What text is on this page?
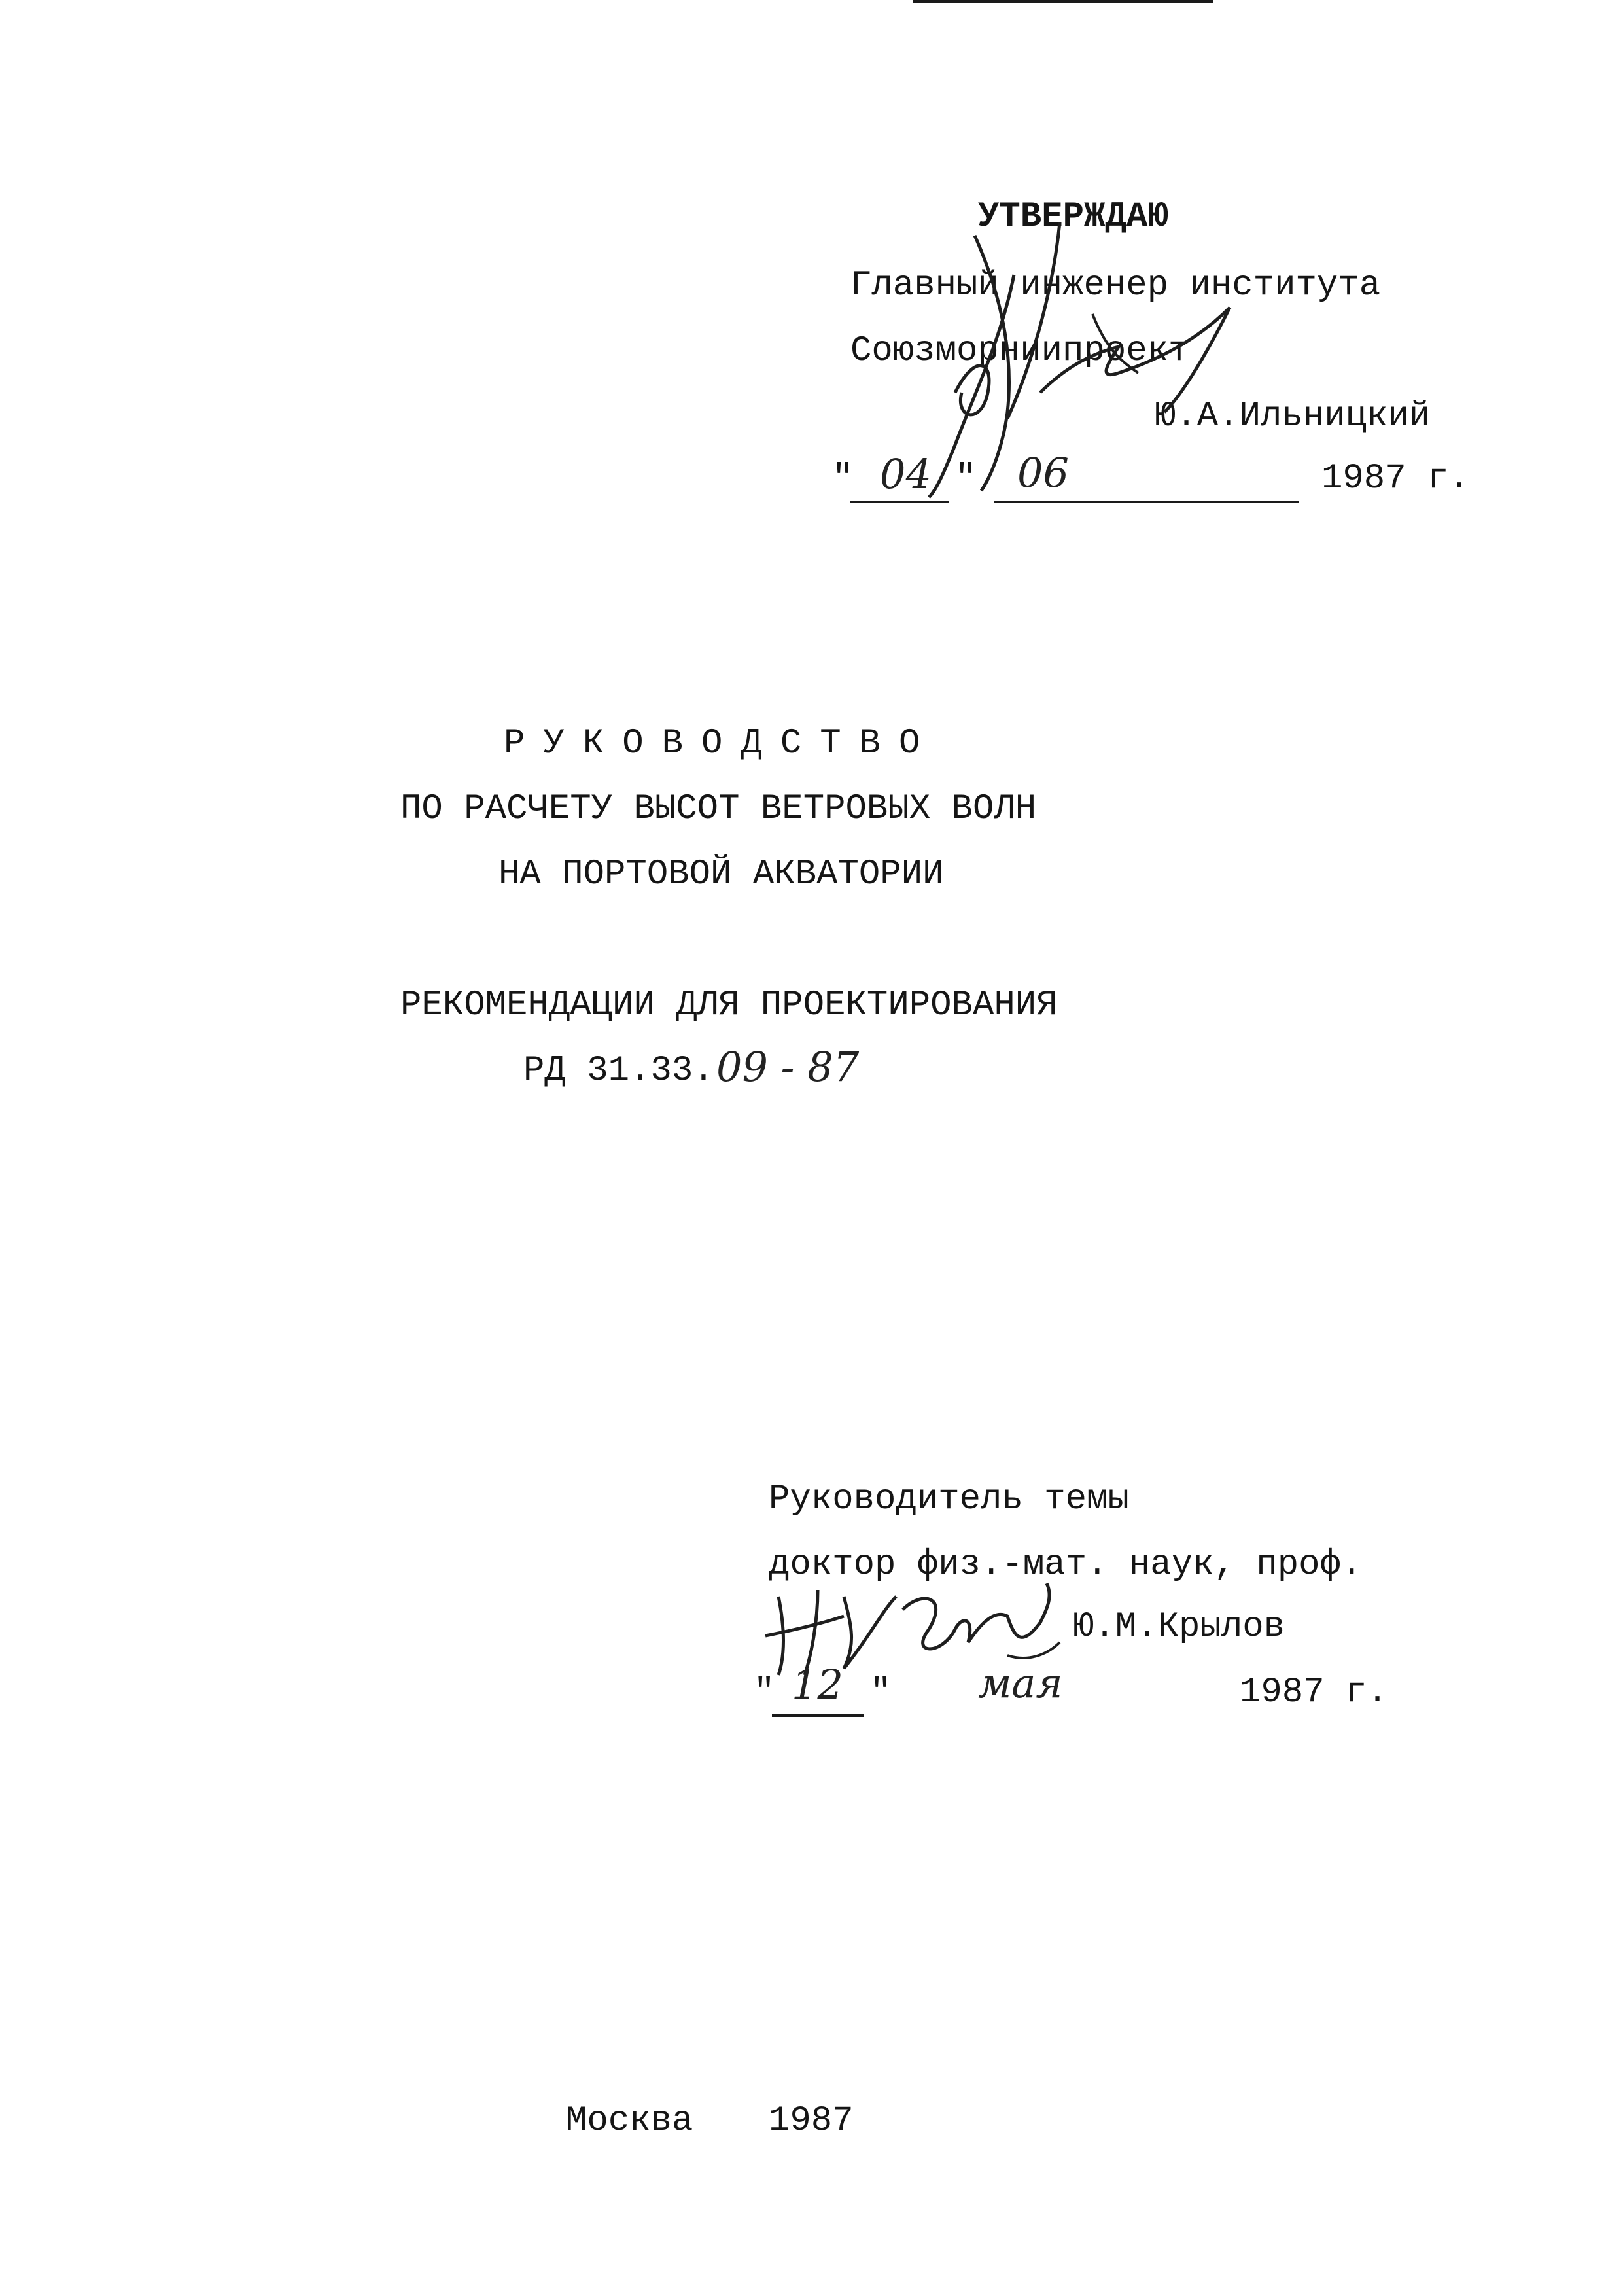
УТВЕРЖДАЮ
Главный инженер института
Союзморниипроект
Ю.А.Ильницкий
" 04 " 06	1987 г.
РУКОВОДСТВО
ПО РАСЧЕТУ ВЫСОТ ВЕТРОВЫХ ВОЛН
НА ПОРТОВОЙ АКВАТОРИИ
РЕКОМЕНДАЦИИ ДЛЯ ПРОЕКТИРОВАНИЯ
РД 31.33. 09 - 87
Руководитель темы
доктор физ.-мат. наук, проф.
Ю.М.Крылов
" 12 " мая	1987 г.
Москва 1987
